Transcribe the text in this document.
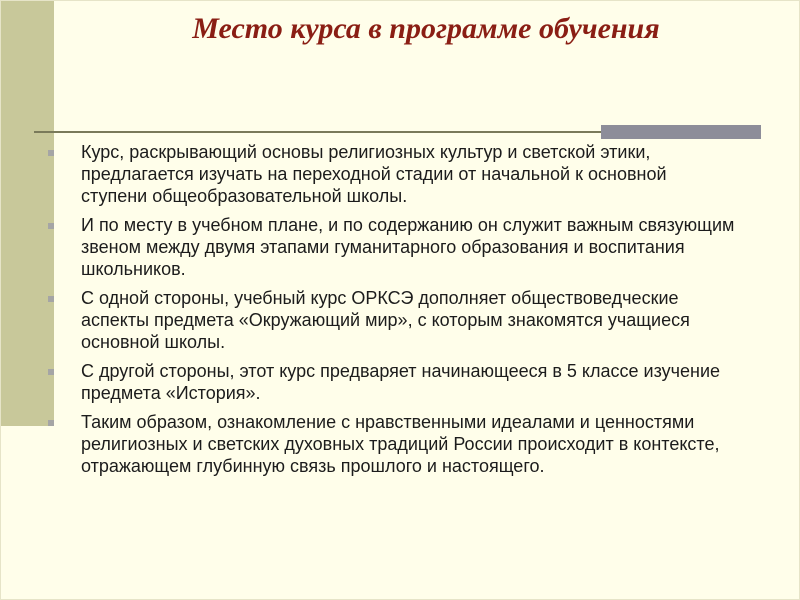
Место курса в программе обучения
Курс, раскрывающий основы религиозных культур и светской этики, предлагается изучать на переходной стадии от начальной к основной ступени общеобразовательной школы.
И по месту в учебном плане, и по содержанию он служит важным связующим звеном между двумя этапами гуманитарного образования и воспитания школьников.
С одной стороны, учебный курс ОРКСЭ дополняет обществоведческие аспекты предмета «Окружающий мир», с которым знакомятся учащиеся основной школы.
С другой стороны, этот курс предваряет начинающееся в 5 классе изучение предмета «История».
Таким образом, ознакомление с нравственными идеалами и ценностями религиозных и светских духовных традиций России происходит в контексте, отражающем глубинную связь прошлого и настоящего.
